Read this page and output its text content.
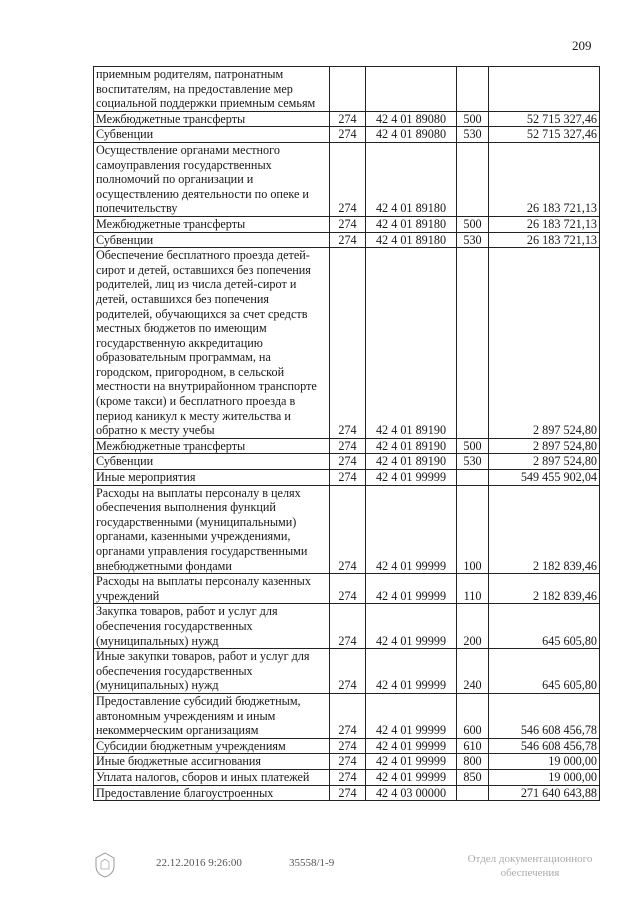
209
приемным родителям, патронатным воспитателям, на предоставление мер социальной поддержки приемным семьям				
Межбюджетные трансферты	274	42 4 01 89080	500	52 715 327,46
Субвенции	274	42 4 01 89080	530	52 715 327,46
Осуществление органами местного самоуправления государственных полномочий по организации и осуществлению деятельности по опеке и попечительству	274	42 4 01 89180		26 183 721,13
Межбюджетные трансферты	274	42 4 01 89180	500	26 183 721,13
Субвенции	274	42 4 01 89180	530	26 183 721,13
Обеспечение бесплатного проезда детей-сирот и детей, оставшихся без попечения родителей, лиц из числа детей-сирот и детей, оставшихся без попечения родителей, обучающихся за счет средств местных бюджетов по имеющим государственную аккредитацию образовательным программам, на городском, пригородном, в сельской местности на внутрирайонном транспорте (кроме такси) и бесплатного проезда в период каникул к месту жительства и обратно к месту учебы	274	42 4 01 89190		2 897 524,80
Межбюджетные трансферты	274	42 4 01 89190	500	2 897 524,80
Субвенции	274	42 4 01 89190	530	2 897 524,80
Иные мероприятия	274	42 4 01 99999		549 455 902,04
Расходы на выплаты персоналу в целях обеспечения выполнения функций государственными (муниципальными) органами, казенными учреждениями, органами управления государственными внебюджетными фондами	274	42 4 01 99999	100	2 182 839,46
Расходы на выплаты персоналу казенных учреждений	274	42 4 01 99999	110	2 182 839,46
Закупка товаров, работ и услуг для обеспечения государственных (муниципальных) нужд	274	42 4 01 99999	200	645 605,80
Иные закупки товаров, работ и услуг для обеспечения государственных (муниципальных) нужд	274	42 4 01 99999	240	645 605,80
Предоставление субсидий бюджетным, автономным учреждениям и иным некоммерческим организациям	274	42 4 01 99999	600	546 608 456,78
Субсидии бюджетным учреждениям	274	42 4 01 99999	610	546 608 456,78
Иные бюджетные ассигнования	274	42 4 01 99999	800	19 000,00
Уплата налогов, сборов и иных платежей	274	42 4 01 99999	850	19 000,00
Предоставление благоустроенных	274	42 4 03 00000		271 640 643,88
22.12.2016 9:26:00	35558/1-9	Отдел документационного
обеспечения
